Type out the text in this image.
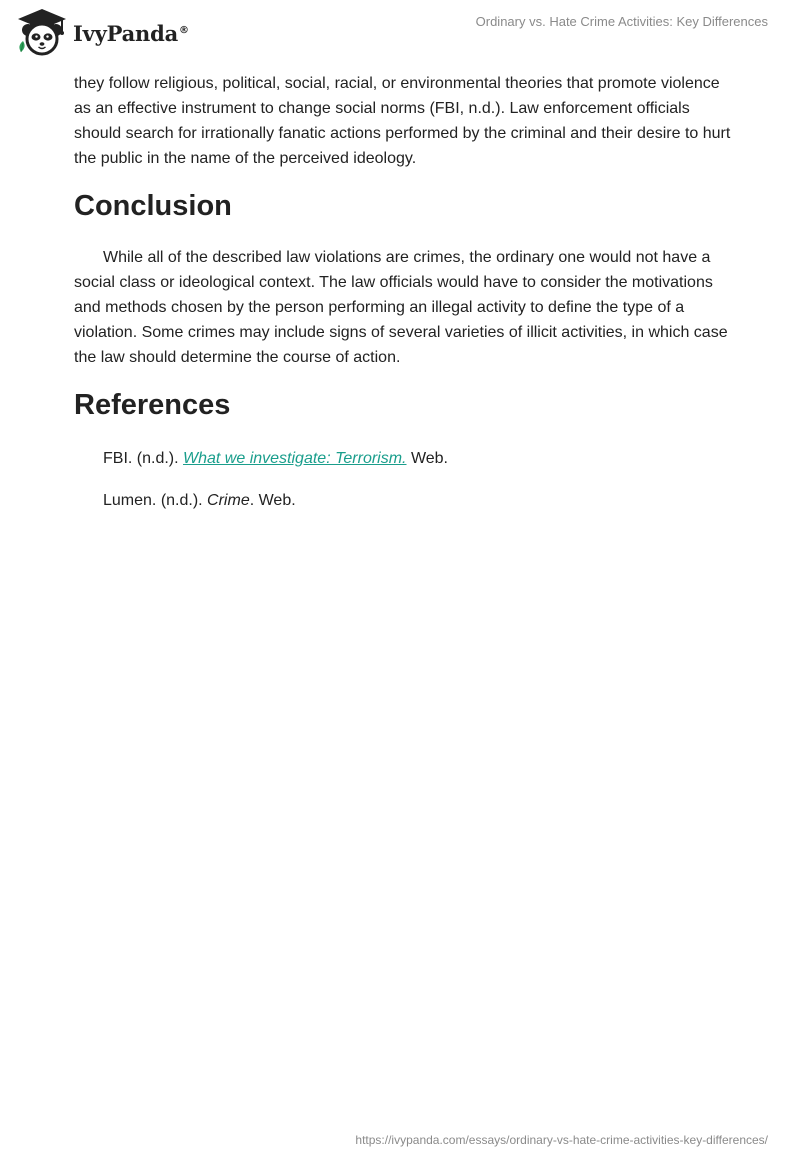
IvyPanda®
Ordinary vs. Hate Crime Activities: Key Differences

they follow religious, political, social, racial, or environmental theories that promote violence as an effective instrument to change social norms (FBI, n.d.). Law enforcement officials should search for irrationally fanatic actions performed by the criminal and their desire to hurt the public in the name of the perceived ideology.

Conclusion

While all of the described law violations are crimes, the ordinary one would not have a social class or ideological context. The law officials would have to consider the motivations and methods chosen by the person performing an illegal activity to define the type of a violation. Some crimes may include signs of several varieties of illicit activities, in which case the law should determine the course of action.

References

FBI. (n.d.). What we investigate: Terrorism. Web.

Lumen. (n.d.). Crime. Web.

https://ivypanda.com/essays/ordinary-vs-hate-crime-activities-key-differences/
